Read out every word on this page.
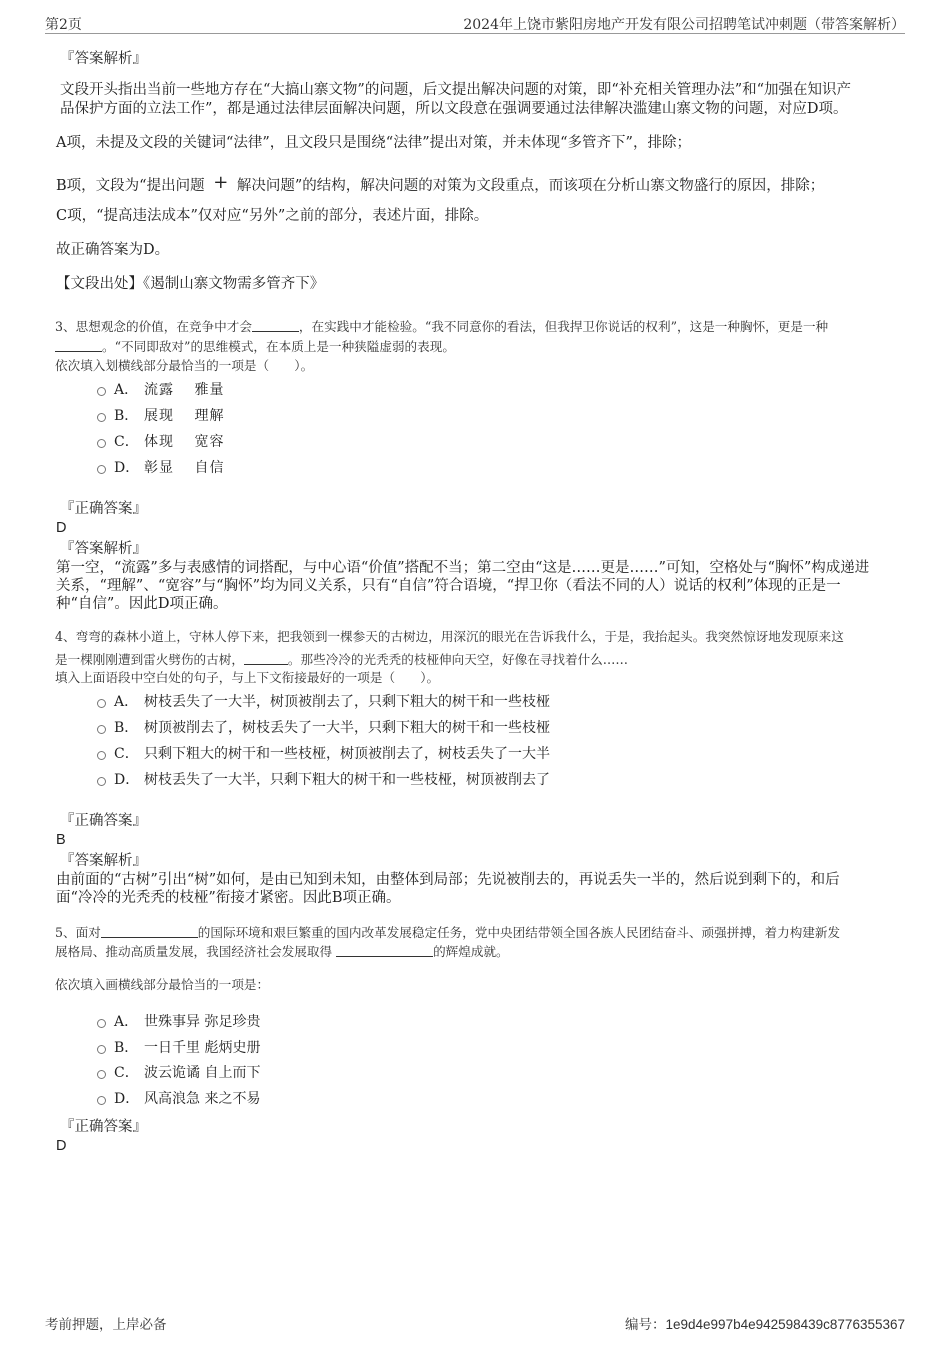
第2页	2024年上饶市紫阳房地产开发有限公司招聘笔试冲刺题（带答案解析）
『答案解析』
文段开头指出当前一些地方存在“大搞山寨文物”的问题，后文提出解决问题的对策，即“补充相关管理办法”和“加强在知识产
品保护方面的立法工作”，都是通过法律层面解决问题，所以文段意在强调要通过法律解决滥建山寨文物的问题，对应D项。
A项，未提及文段的关键词“法律”，且文段只是围绕“法律”提出对策，并未体现“多管齐下”，排除；
B项，文段为“提出问题 + 解决问题”的结构，解决问题的对策为文段重点，而该项在分析山寨文物盛行的原因，排除；
C项，“提高违法成本”仅对应“另外”之前的部分，表述片面，排除。
故正确答案为D。
【文段出处】《遏制山寨文物需多管齐下》
3、思想观念的价值，在竞争中才会	，在实践中才能检验。“我不同意你的看法，但我捍卫你说话的权利”，这是一种胸怀，更是一种
。“不同即敌对”的思维模式，在本质上是一种狭隘虚弱的表现。
依次填入划横线部分最恰当的一项是（　　）。
A． 流露　 雅量
B． 展现　 理解
C． 体现　 宽容
D． 彰显　 自信
『正确答案』
D
『答案解析』
第一空，“流露”多与表感情的词搭配，与中心语“价值”搭配不当；第二空由“这是……更是……”可知，空格处与“胸怀”构成递进
关系，“理解”、“宽容”与“胸怀”均为同义关系，只有“自信”符合语境，“捍卫你（看法不同的人）说话的权利”体现的正是一
种“自信”。因此D项正确。
4、弯弯的森林小道上，守林人停下来，把我领到一棵参天的古树边，用深沉的眼光在告诉我什么，于是，我抬起头。我突然惊讶地发现原来这
是一棵刚刚遭到雷火劈伤的古树，	。那些冷冷的光秃秃的枝桠伸向天空，好像在寻找着什么……
填入上面语段中空白处的句子，与上下文衔接最好的一项是（　　）。
A． 树枝丢失了一大半，树顶被削去了，只剩下粗大的树干和一些枝桠
B． 树顶被削去了，树枝丢失了一大半，只剩下粗大的树干和一些枝桠
C． 只剩下粗大的树干和一些枝桠，树顶被削去了，树枝丢失了一大半
D． 树枝丢失了一大半，只剩下粗大的树干和一些枝桠，树顶被削去了
『正确答案』
B
『答案解析』
由前面的“古树”引出“树”如何，是由已知到未知，由整体到局部；先说被削去的，再说丢失一半的，然后说到剩下的，和后
面“冷冷的光秃秃的枝桠”衔接才紧密。因此B项正确。
5、面对	的国际环境和艰巨繁重的国内改革发展稳定任务，党中央团结带领全国各族人民团结奋斗、顽强拼搏，着力构建新发
展格局、推动高质量发展，我国经济社会发展取得	的辉煌成就。
依次填入画横线部分最恰当的一项是：
A． 世殊事异 弥足珍贵
B． 一日千里 彪炳史册
C． 波云诡谲 自上而下
D． 风高浪急 来之不易
『正确答案』
D
考前押题，上岸必备	编号：1e9d4e997b4e942598439c8776355367
